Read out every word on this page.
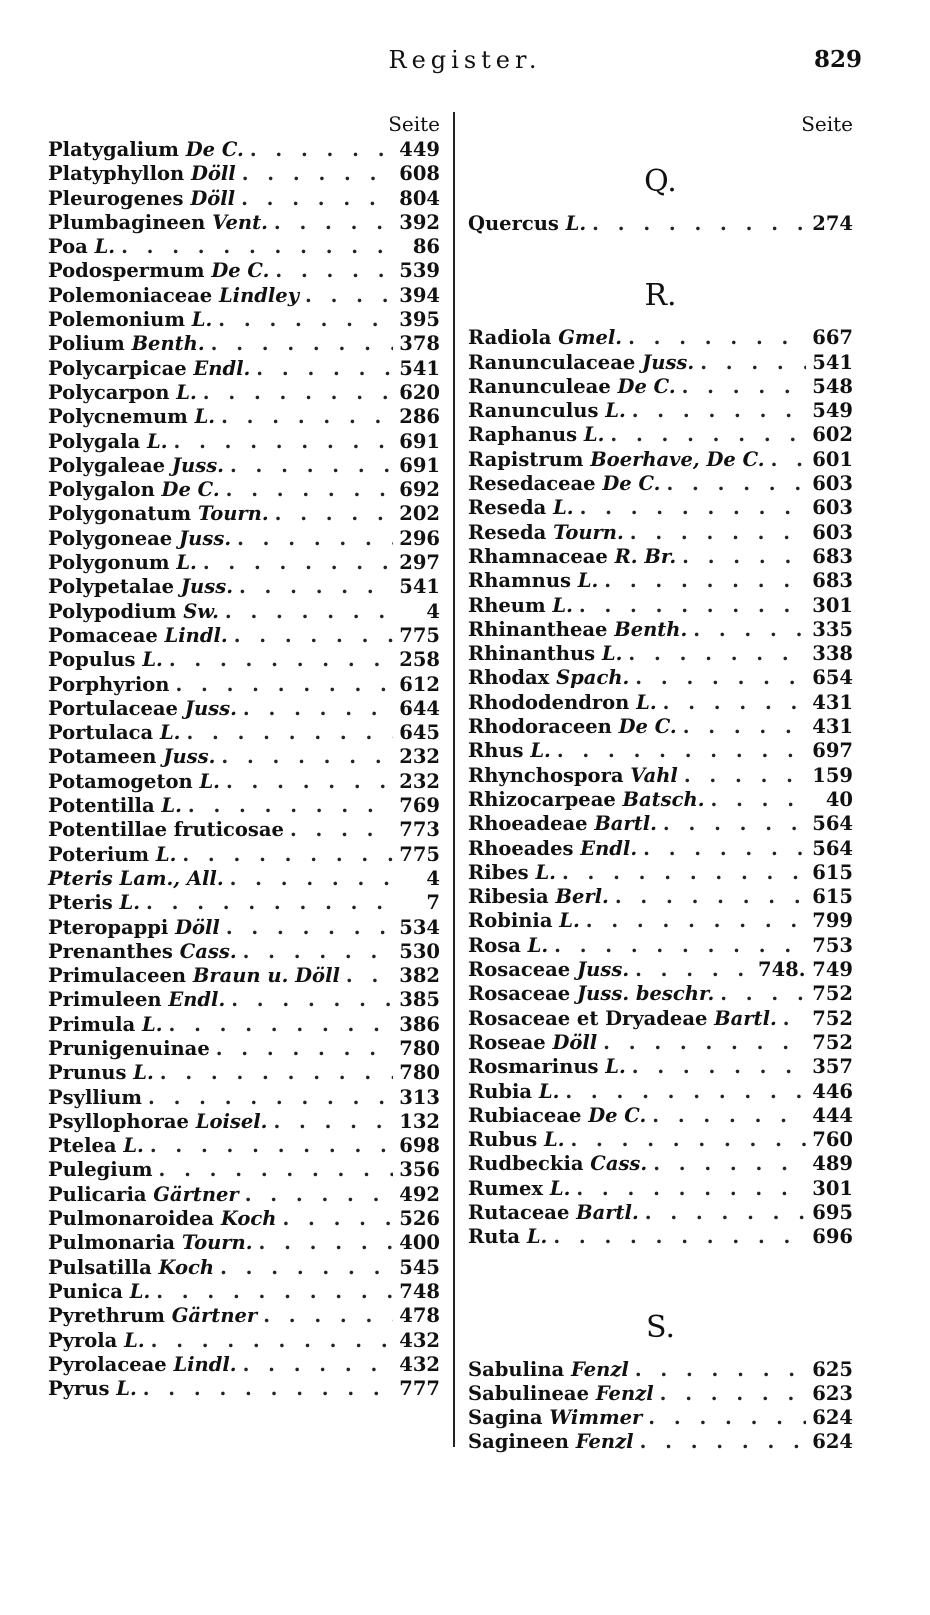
Register.	829
Seite
Platygalium De C. . . .	449
Platyphyllon Döll . . .	608
Pleurogenes Döll . . .	804
Plumbagineen Vent. . . .	392
Poa L. . . .	86
Podospermum De C. . . .	539
Polemoniaceae Lindley . . .	394
Polemonium L. . . .	395
Polium Benth. . . .	378
Polycarpicae Endl. . . .	541
Polycarpon L. . . .	620
Polycnemum L. . . .	286
Polygala L. . . .	691
Polygaleae Juss. . . .	691
Polygalon De C. . . .	692
Polygonatum Tourn. . . .	202
Polygoneae Juss. . . .	296
Polygonum L. . . .	297
Polypetalae Juss. . . .	541
Polypodium Sw. . . .	4
Pomaceae Lindl. . . .	775
Populus L. . . .	258
Porphyrion . . .	612
Portulaceae Juss. . . .	644
Portulaca L. . . .	645
Potameen Juss. . . .	232
Potamogeton L. . . .	232
Potentilla L. . . .	769
Potentillae fruticosae . . .	773
Poterium L. . . .	775
Pteris Lam., All. . . .	4
Pteris L. . . .	7
Pteropappi Döll . . .	534
Prenanthes Cass. . . .	530
Primulaceen Braun u. Döll . . .	382
Primuleen Endl. . . .	385
Primula L. . . .	386
Prunigenuinae . . .	780
Prunus L. . . .	780
Psyllium . . .	313
Psyllophorae Loisel. . . .	132
Ptelea L. . . .	698
Pulegium . . .	356
Pulicaria Gärtner . . .	492
Pulmonaroidea Koch . . .	526
Pulmonaria Tourn. . . .	400
Pulsatilla Koch . . .	545
Punica L. . . .	748
Pyrethrum Gärtner . . .	478
Pyrola L. . . .	432
Pyrolaceae Lindl. . . .	432
Pyrus L. . . .	777
Seite
Q.
Quercus L. . . .	274
R.
Radiola Gmel. . . .	667
Ranunculaceae Juss. . . .	541
Ranunculeae De C. . . .	548
Ranunculus L. . . .	549
Raphanus L. . . .	602
Rapistrum Boerhave, De C. . . . 601
Resedaceae De C. . . .	603
Reseda L. . . .	603
Reseda Tourn. . . .	603
Rhamnaceae R. Br. . . .	683
Rhamnus L. . . .	683
Rheum L. . . .	301
Rhinantheae Benth. . . .	335
Rhinanthus L. . . .	338
Rhodax Spach. . . .	654
Rhododendron L. . . .	431
Rhodoraceen De C. . . .	431
Rhus L. . . .	697
Rhynchospora Vahl . . .	159
Rhizocarpeae Batsch. . . .	40
Rhoeadeae Bartl. . . .	564
Rhoeades Endl. . . .	564
Ribes L. . . .	615
Ribesia Berl. . . .	615
Robinia L. . . .	799
Rosa L. . . .	753
Rosaceae Juss. . . .	748. 749
Rosaceae Juss. beschr. . . .	752
Rosaceae et Dryadeae Bartl. . . . 752
Roseae Döll . . .	752
Rosmarinus L. . . .	357
Rubia L. . . .	446
Rubiaceae De C. . . .	444
Rubus L. . . .	760
Rudbeckia Cass. . . .	489
Rumex L. . . .	301
Rutaceae Bartl. . . .	695
Ruta L. . . .	696
S.
Sabulina Fenzl . . .	625
Sabulineae Fenzl . . .	623
Sagina Wimmer . . .	624
Sagineen Fenzl . . .	624
